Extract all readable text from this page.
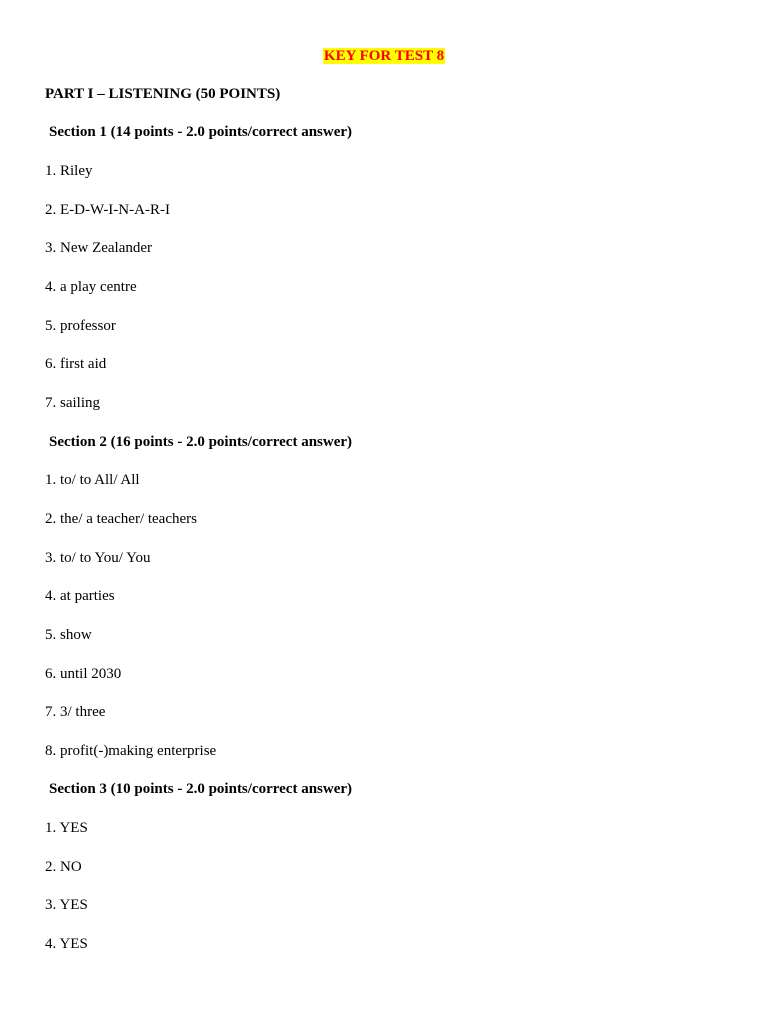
KEY FOR TEST 8
PART I – LISTENING (50 POINTS)
Section 1 (14 points - 2.0 points/correct answer)
1. Riley
2. E-D-W-I-N-A-R-I
3. New Zealander
4. a play centre
5. professor
6. first aid
7. sailing
Section 2 (16 points - 2.0 points/correct answer)
1. to/ to All/ All
2. the/ a teacher/ teachers
3. to/ to You/ You
4. at parties
5. show
6. until 2030
7. 3/ three
8. profit(-)making enterprise
Section 3 (10 points - 2.0 points/correct answer)
1. YES
2. NO
3. YES
4. YES
